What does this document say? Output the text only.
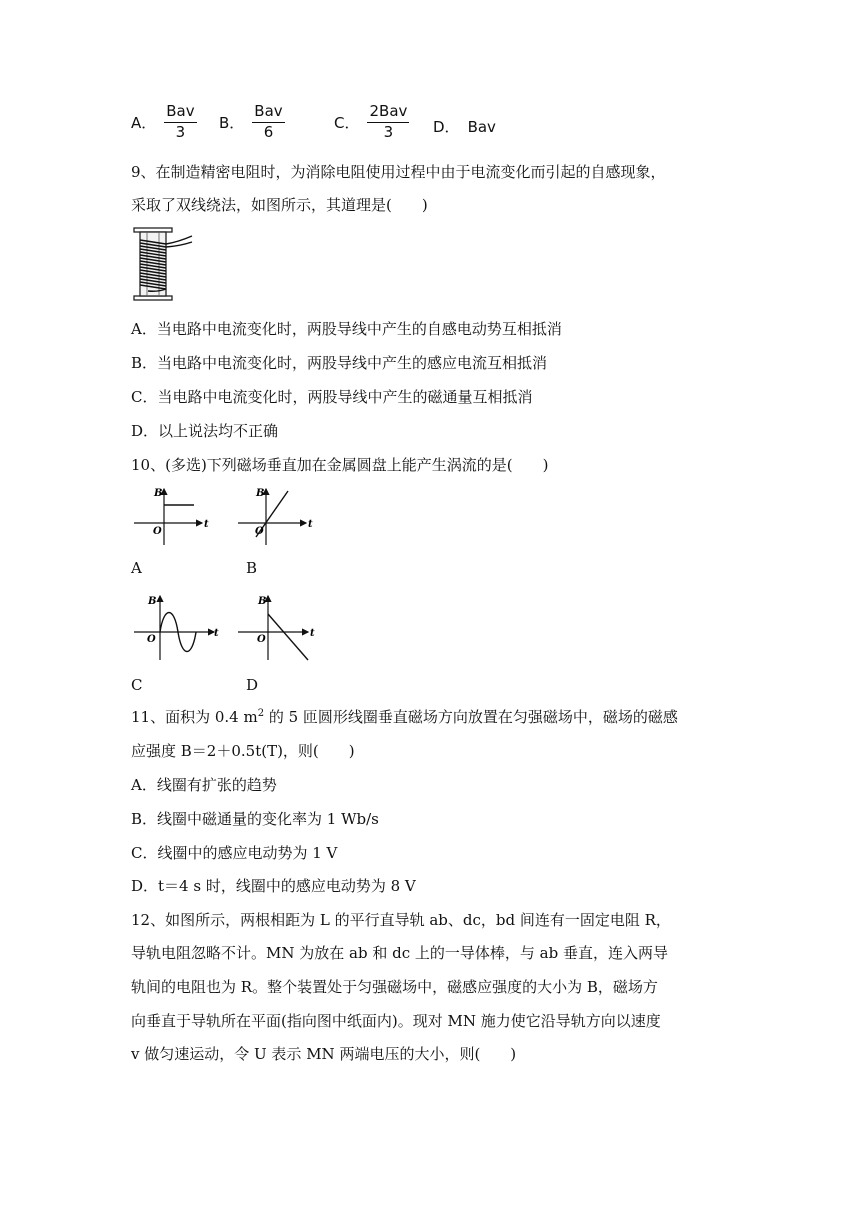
A． $\frac{\text{Bav}}{3}$ B． $\frac{\text{Bav}}{6}$	C． $\frac{\text{2Bav}}{3}$ D． Bav
9、在制造精密电阻时，为消除电阻使用过程中由于电流变化而引起的自感现象，
采取了双线绕法，如图所示，其道理是(　　)
A．当电路中电流变化时，两股导线中产生的自感电动势互相抵消
B．当电路中电流变化时，两股导线中产生的感应电流互相抵消
C．当电路中电流变化时，两股导线中产生的磁通量互相抵消
D．以上说法均不正确
10、(多选)下列磁场垂直加在金属圆盘上能产生涡流的是(　　)
B
t
O
B
t
O
A	B
B
t
O
B
t
O
C	D
11、面积为 0.4 $m^2$ 的 5 匝圆形线圈垂直磁场方向放置在匀强磁场中，磁场的磁感
应强度 B＝2＋0.5t(T)，则(　　)
A．线圈有扩张的趋势
B．线圈中磁通量的变化率为 1 Wb/s
C．线圈中的感应电动势为 1 V
D．t＝4 s 时，线圈中的感应电动势为 8 V
12、如图所示，两根相距为 L 的平行直导轨 ab、dc，bd 间连有一固定电阻 R，
导轨电阻忽略不计。MN 为放在 ab 和 dc 上的一导体棒，与 ab 垂直，连入两导
轨间的电阻也为 R。整个装置处于匀强磁场中，磁感应强度的大小为 B，磁场方
向垂直于导轨所在平面(指向图中纸面内)。现对 MN 施力使它沿导轨方向以速度
v 做匀速运动，令 U 表示 MN 两端电压的大小，则(　　)
